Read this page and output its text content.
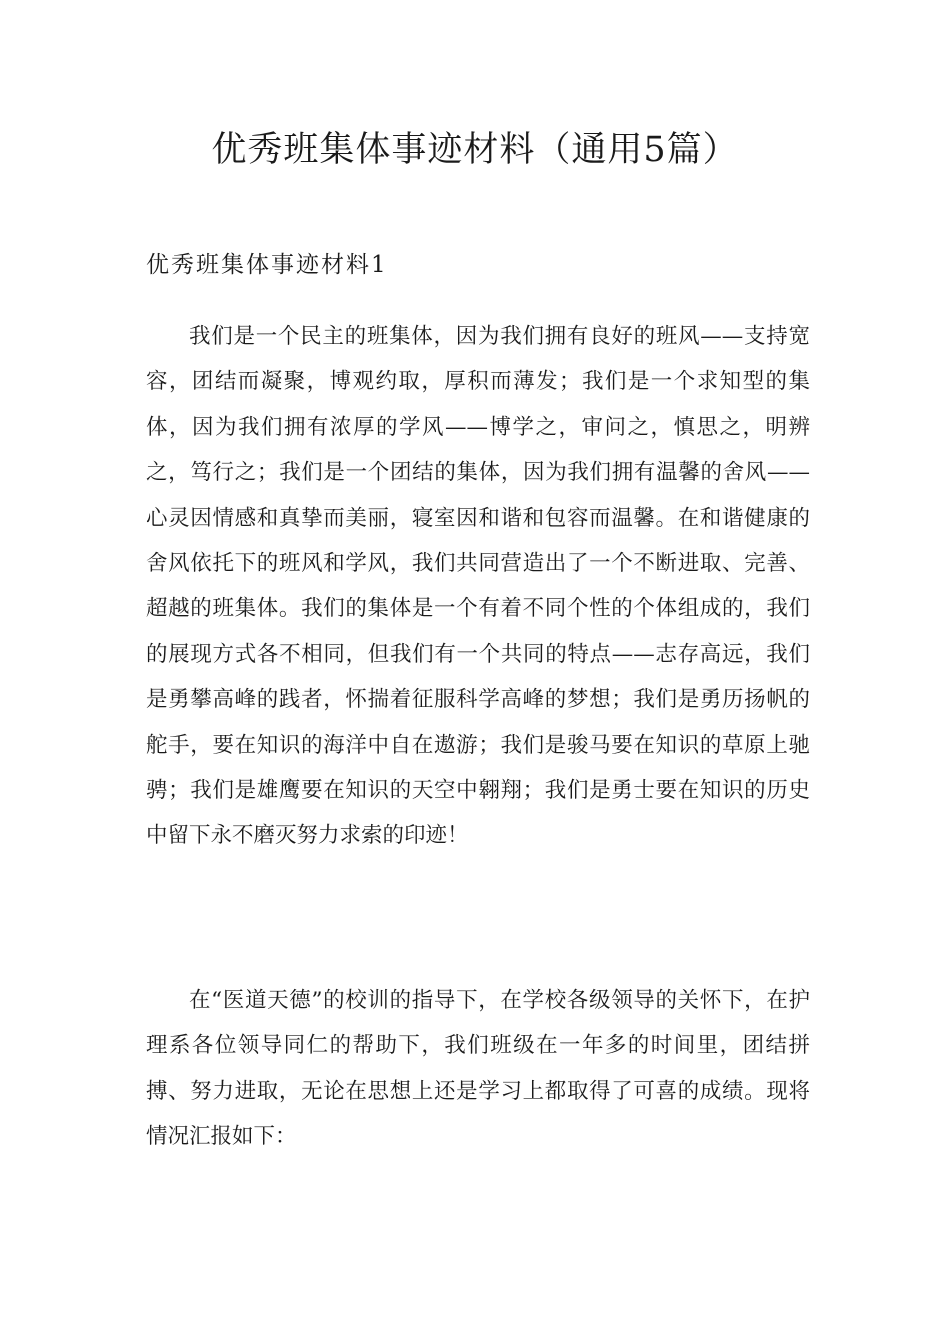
优秀班集体事迹材料（通用5篇）
优秀班集体事迹材料1

我们是一个民主的班集体，因为我们拥有良好的班风——支持宽容，团结而凝聚，博观约取，厚积而薄发；我们是一个求知型的集体，因为我们拥有浓厚的学风——博学之，审问之，慎思之，明辨之，笃行之；我们是一个团结的集体，因为我们拥有温馨的舍风——心灵因情感和真挚而美丽，寝室因和谐和包容而温馨。在和谐健康的舍风依托下的班风和学风，我们共同营造出了一个不断进取、完善、超越的班集体。我们的集体是一个有着不同个性的个体组成的，我们的展现方式各不相同，但我们有一个共同的特点——志存高远，我们是勇攀高峰的践者，怀揣着征服科学高峰的梦想；我们是勇历扬帆的舵手，要在知识的海洋中自在遨游；我们是骏马要在知识的草原上驰骋；我们是雄鹰要在知识的天空中翱翔；我们是勇士要在知识的历史中留下永不磨灭努力求索的印迹！

在“医道天德”的校训的指导下，在学校各级领导的关怀下，在护理系各位领导同仁的帮助下，我们班级在一年多的时间里，团结拼搏、努力进取，无论在思想上还是学习上都取得了可喜的成绩。现将情况汇报如下：
